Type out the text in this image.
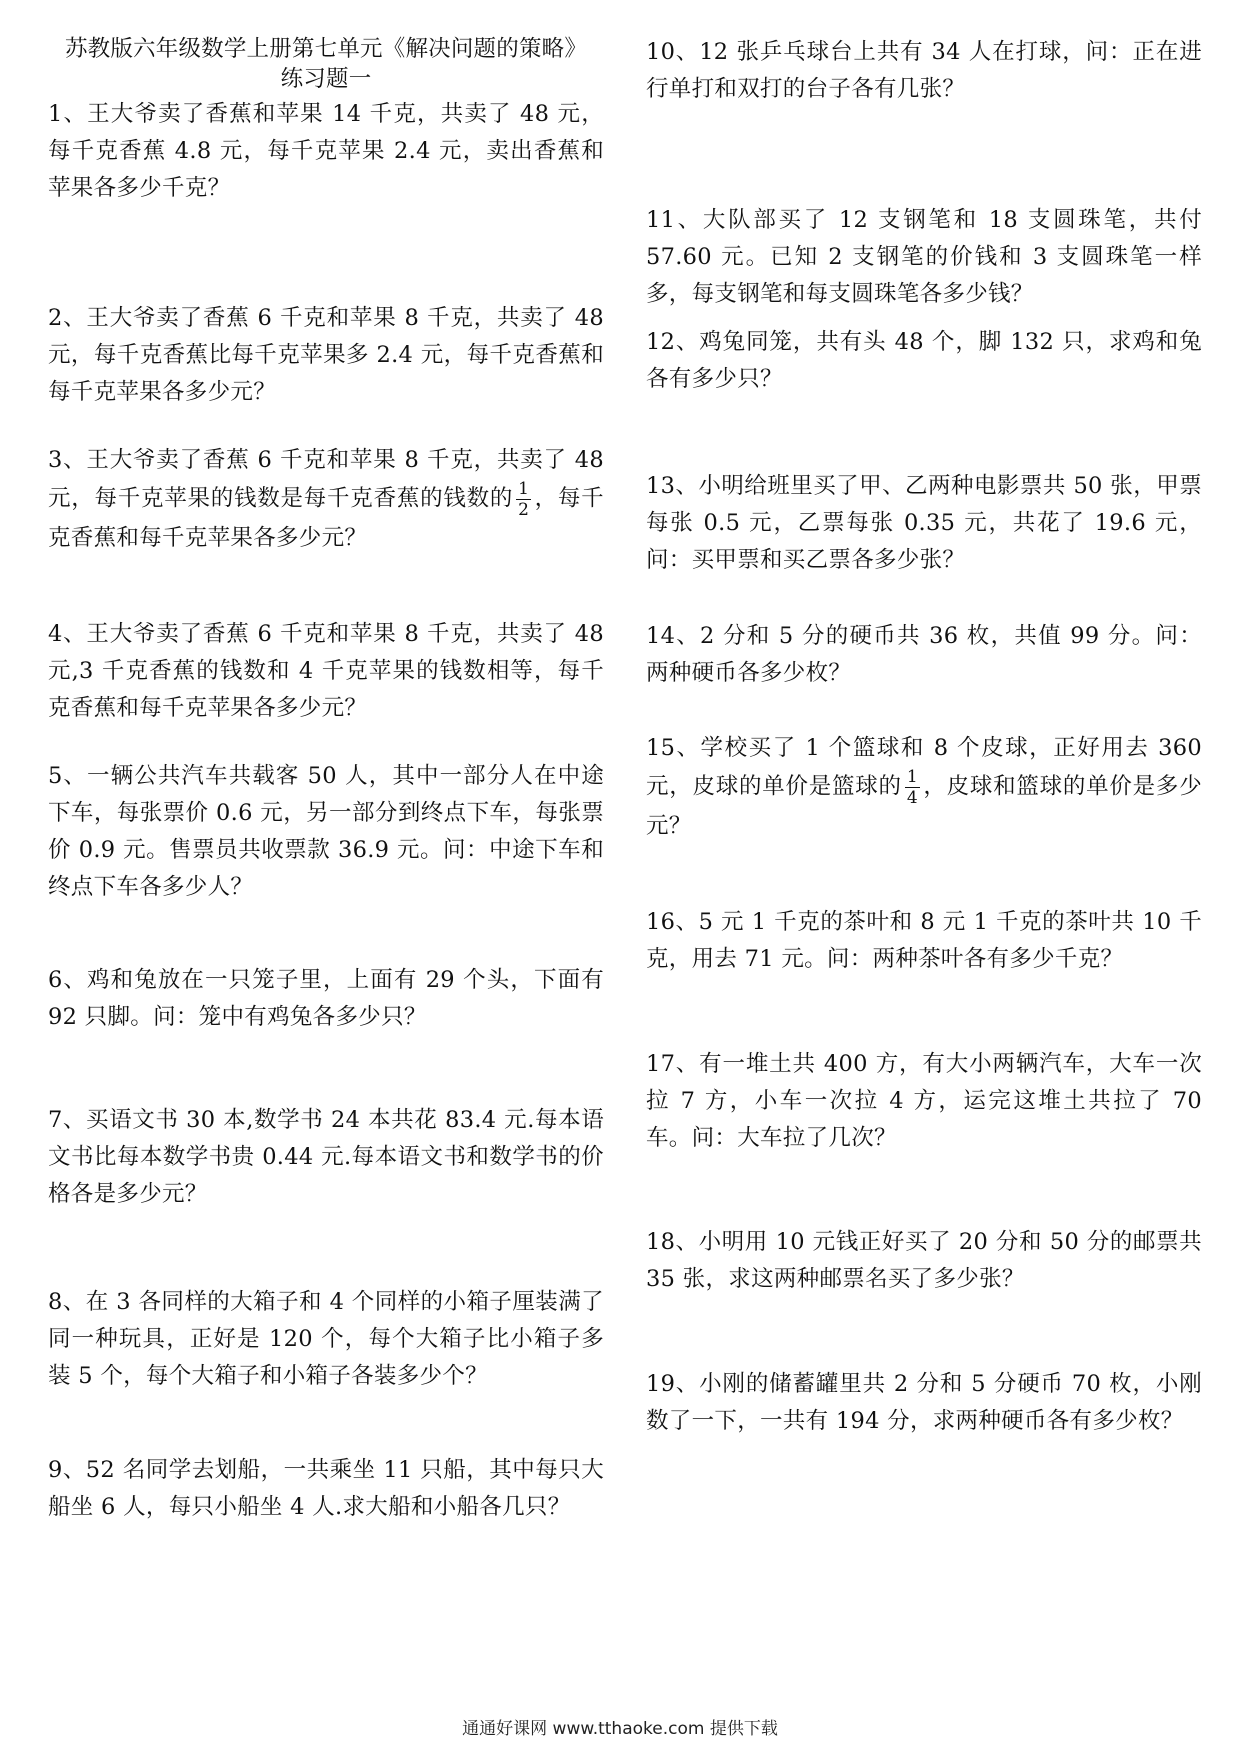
苏教版六年级数学上册第七单元《解决问题的策略》

练习题一

1、王大爷卖了香蕉和苹果 14 千克，共卖了 48 元，每千克香蕉 4.8 元，每千克苹果 2.4 元，卖出香蕉和苹果各多少千克？

2、王大爷卖了香蕉 6 千克和苹果 8 千克，共卖了 48 元，每千克香蕉比每千克苹果多 2.4 元，每千克香蕉和每千克苹果各多少元？

3、王大爷卖了香蕉 6 千克和苹果 8 千克，共卖了 48 元，每千克苹果的钱数是每千克香蕉的钱数的 $\frac{1}{2}$ ，每千克香蕉和每千克苹果各多少元？

4、王大爷卖了香蕉 6 千克和苹果 8 千克，共卖了 48 元,3 千克香蕉的钱数和 4 千克苹果的钱数相等，每千克香蕉和每千克苹果各多少元？

5、一辆公共汽车共载客 50 人，其中一部分人在中途下车，每张票价 0.6 元，另一部分到终点下车，每张票价 0.9 元。售票员共收票款 36.9 元。问：中途下车和终点下车各多少人？

6、鸡和兔放在一只笼子里，上面有 29 个头，下面有 92 只脚。问：笼中有鸡兔各多少只？

7、买语文书 30 本,数学书 24 本共花 83.4 元.每本语文书比每本数学书贵 0.44 元.每本语文书和数学书的价格各是多少元？

8、在 3 各同样的大箱子和 4 个同样的小箱子厘装满了同一种玩具，正好是 120 个，每个大箱子比小箱子多装 5 个，每个大箱子和小箱子各装多少个？

9、52 名同学去划船，一共乘坐 11 只船，其中每只大船坐 6 人，每只小船坐 4 人.求大船和小船各几只？

10、12 张乒乓球台上共有 34 人在打球，问：正在进行单打和双打的台子各有几张？

11、大队部买了 12 支钢笔和 18 支圆珠笔，共付 57.60 元。已知 2 支钢笔的价钱和 3 支圆珠笔一样多，每支钢笔和每支圆珠笔各多少钱？

12、鸡兔同笼，共有头 48 个，脚 132 只，求鸡和兔各有多少只？

13、小明给班里买了甲、乙两种电影票共 50 张，甲票每张 0.5 元，乙票每张 0.35 元，共花了 19.6 元，问：买甲票和买乙票各多少张？

14、2 分和 5 分的硬币共 36 枚，共值 99 分。问：两种硬币各多少枚？

15、学校买了 1 个篮球和 8 个皮球，正好用去 360 元，皮球的单价是篮球的 $\frac{1}{4}$ ，皮球和篮球的单价是多少元？

16、5 元 1 千克的茶叶和 8 元 1 千克的茶叶共 10 千克，用去 71 元。问：两种茶叶各有多少千克？

17、有一堆土共 400 方，有大小两辆汽车，大车一次拉 7 方，小车一次拉 4 方，运完这堆土共拉了 70 车。问：大车拉了几次？

18、小明用 10 元钱正好买了 20 分和 50 分的邮票共 35 张，求这两种邮票名买了多少张？

19、小刚的储蓄罐里共 2 分和 5 分硬币 70 枚，小刚数了一下，一共有 194 分，求两种硬币各有多少枚？

通通好课网 www.tthaoke.com 提供下载
